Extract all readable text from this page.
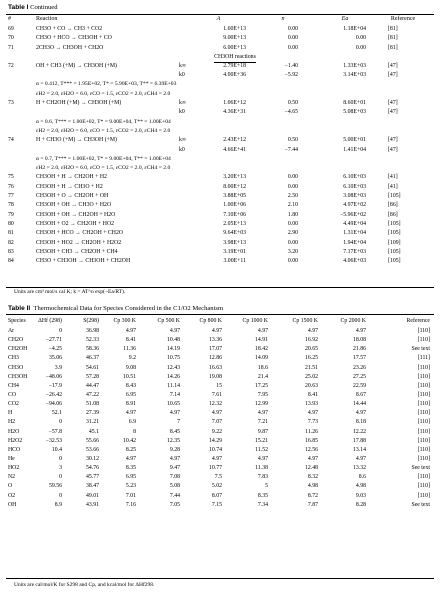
Table I Continued
#	Reaction	A	n	Ea	Reference
69	CH3O + CO → CH3 + CO2	1.60E+13	0.00	1.18E+04	[81]
70	CH3O + HCO → CH3OH + CO	9.00E+13	0.00	0.00	[81]
71	2CH3O → CH3OH + CH2O	6.00E+13	0.00	0.00	[81]
CH3OH reactions
72	OH + CH3 (+M) → CH3OH (+M)	k∞	2.79E+18	−1.40	1.33E+03	[47]
k0	4.00E+36	−5.92	3.14E+03	[47]
α = 0.412, T*** = 1.95E+02, T* = 5.90E+03, T** = 6.39E+03
εH2 = 2.0, εH2O = 6.0, εCO = 1.5, εCO2 = 2.0, εCH4 = 2.0
73	H + CH2OH (+M) → CH3OH (+M)	k∞	1.06E+12	0.50	8.60E+01	[47]
k0	4.36E+31	−4.65	5.08E+03	[47]
α = 0.6, T*** = 1.00E+02, T* = 9.00E+04, T** = 1.00E+04
εH2 = 2.0, εH2O = 6.0, εCO = 1.5, εCO2 = 2.0, εCH4 = 2.0
74	H + CH3O (+M) → CH3OH (+M)	k∞	2.43E+12	0.50	5.00E+01	[47]
k0	4.66E+41	−7.44	1.41E+04	[47]
α = 0.7, T*** = 1.00E+02, T* = 9.00E+04, T** = 1.00E+04
εH2 = 2.0, εH2O = 6.0, εCO = 1.5, εCO2 = 2.0, εCH4 = 2.0
75	CH3OH + H → CH2OH + H2	3.20E+13	0.00	6.10E+03	[41]
76	CH3OH + H → CH3O + H2	8.00E+12	0.00	6.10E+03	[41]
77	CH3OH + O → CH2OH + OH	3.88E+05	2.50	3.08E+03	[105]
78	CH3OH + OH → CH3O + H2O	1.00E+06	2.10	4.97E+02	[86]
79	CH3OH + OH → CH2OH + H2O	7.10E+06	1.80	−5.96E+02	[86]
80	CH3OH + O2 → CH2OH + HO2	2.05E+13	0.00	4.49E+04	[105]
81	CH3OH + HCO → CH2OH + CH2O	9.64E+03	2.90	1.31E+04	[105]
82	CH3OH + HO2 → CH2OH + H2O2	3.98E+13	0.00	1.94E+04	[109]
83	CH3OH + CH3 → CH2OH + CH4	3.19E+01	3.20	7.17E+03	[105]
84	CH3O + CH3OH → CH3OH + CH2OH	3.00E+11	0.00	4.06E+03	[105]
Units are cm³ mol/s cal K; k = AT^n exp(−Ea/RT).
Table II Thermochemical Data for Species Considered in the C1/O2 Mechanism
Species	ΔHf (298)	S(298)	Cp 300 K	Cp 500 K	Cp 800 K	Cp 1000 K	Cp 1500 K	Cp 2000 K	Reference
Ar	0	36.98	4.97	4.97	4.97	4.97	4.97	4.97	[110]
CH2O	−27.71	52.33	8.41	10.48	13.36	14.91	16.92	18.08	[110]
CH2OH	−4.25	58.36	11.36	14.19	17.07	18.42	20.65	21.86	See text
CH3	35.06	46.37	9.2	10.75	12.86	14.09	16.25	17.57	[111]
CH3O	3.9	54.61	9.08	12.43	16.63	18.6	21.51	23.26	[110]
CH3OH	−48.06	57.28	10.51	14.26	19.08	21.4	25.02	27.25	[110]
CH4	−17.9	44.47	8.43	11.14	15	17.25	20.63	22.59	[110]
CO	−26.42	47.22	6.95	7.14	7.61	7.95	8.41	8.67	[110]
CO2	−94.06	51.08	8.91	10.65	12.32	12.99	13.93	14.44	[110]
H	52.1	27.39	4.97	4.97	4.97	4.97	4.97	4.97	[110]
H2	0	31.21	6.9	7	7.07	7.21	7.73	8.18	[110]
H2O	−57.8	45.1	8	8.45	9.22	9.87	11.26	12.22	[110]
H2O2	−32.53	55.66	10.42	12.35	14.29	15.21	16.85	17.88	[110]
HCO	10.4	53.66	8.25	9.28	10.74	11.52	12.56	13.14	[110]
He	0	30.12	4.97	4.97	4.97	4.97	4.97	4.97	[110]
HO2	3	54.76	8.35	9.47	10.77	11.38	12.48	13.32	See text
N2	0	45.77	6.95	7.08	7.5	7.83	8.32	8.6	[110]
O	59.56	38.47	5.23	5.08	5.02	5	4.98	4.98	[110]
O2	0	49.01	7.01	7.44	8.07	8.35	8.72	9.03	[110]
OH	8.9	43.91	7.16	7.05	7.15	7.34	7.87	8.28	See text
Units are cal/mol/K for S298 and Cp, and kcal/mol for ΔHf298.
